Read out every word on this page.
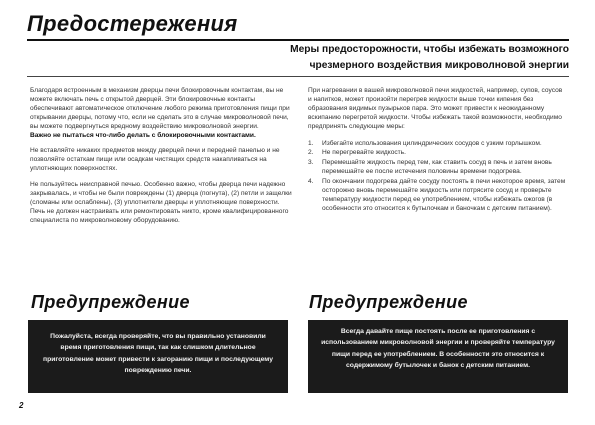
Предостережения
Меры предосторожности, чтобы избежать возможного
чрезмерного воздействия микроволновой энергии

Благодаря встроенным в механизм дверцы печи блокировочным контактам, вы не можете включать печь с открытой дверцей. Эти блокировочные контакты обеспечивают автоматическое отключение любого режима приготовления пищи при открывании дверцы, потому что, если не сделать это в случае микроволновой печи, вы можете подвергнуться вредному воздействию микроволновой энергии.

Важно не пытаться что-либо делать с блокировочными контактами.

Не вставляйте никаких предметов между дверцей печи и передней панелью и не позволяйте остаткам пищи или осадкам чистящих средств накапливаться на уплотняющих поверхностях.

Не пользуйтесь неисправной печью. Особенно важно, чтобы дверца печи надежно закрывалась, и чтобы не были повреждены (1) дверца (погнута), (2) петли и защелки (сломаны или ослаблены), (3) уплотнители дверцы и уплотняющие поверхности.

Печь не должен настраивать или ремонтировать никто, кроме квалифицированного специалиста по микроволновому оборудованию.

При нагревании в вашей микроволновой печи жидкостей, например, супов, соусов и напитков, может произойти перегрев жидкости выше точки кипения без образования видимых пузырьков пара. Это может привести к неожиданному вскипанию перегретой жидкости. Чтобы избежать такой возможности, необходимо предпринять следующие меры:

1. Избегайте использования цилиндрических сосудов с узким горлышком.
2. Не перегревайте жидкость.
3. Перемешайте жидкость перед тем, как ставить сосуд в печь и затем вновь перемешайте ее после истечения половины времени подогрева.
4. По окончании подогрева дайте сосуду постоять в печи некоторое время, затем осторожно вновь перемешайте жидкость или потрясите сосуд и проверьте температуру жидкости перед ее употреблением, чтобы избежать ожогов (в особенности это относится к бутылочкам и баночкам с детским питанием).
Предупреждение
Пожалуйста, всегда проверяйте, что вы правильно установили время приготовления пищи, так как слишком длительное приготовление может привести к загоранию пищи и последующему повреждению печи.
Предупреждение
Всегда давайте пище постоять после ее приготовления с использованием микроволновой энергии и проверяйте температуру пищи перед ее употреблением. В особенности это относится к содержимому бутылочек и банок с детским питанием.
2
